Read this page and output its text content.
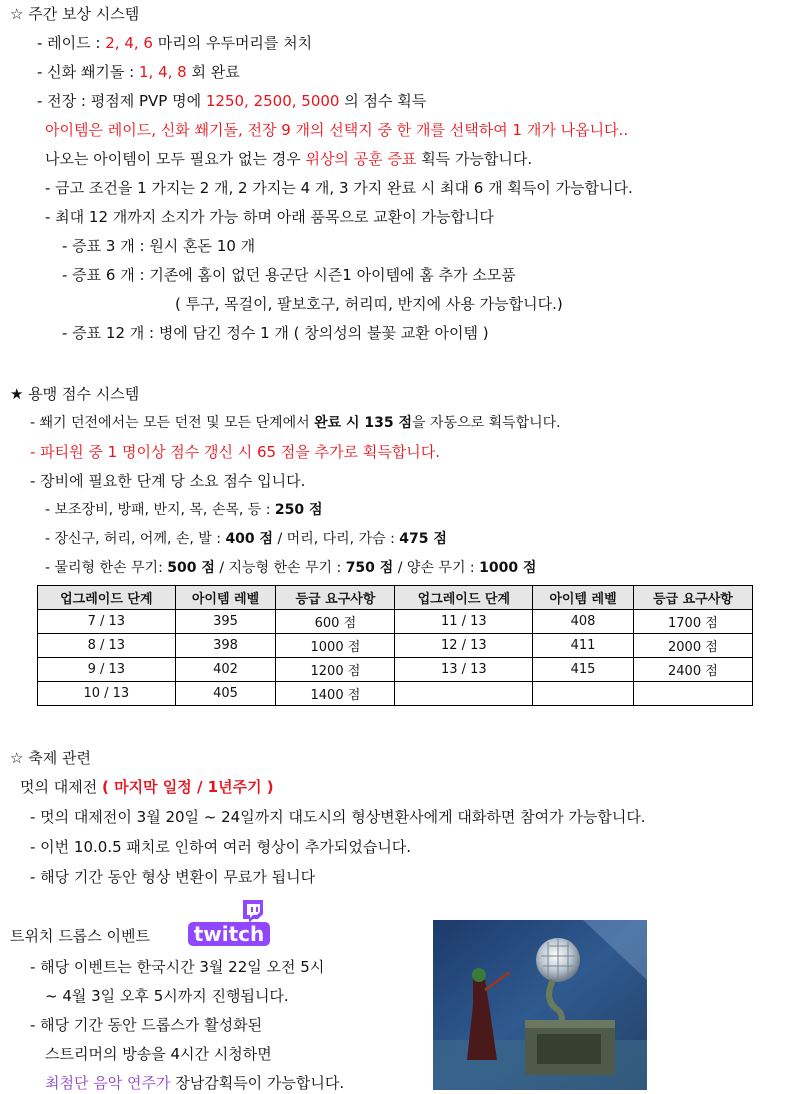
☆ 주간 보상 시스템
- 레이드 : 2, 4, 6 마리의 우두머리를 처치
- 신화 쐐기돌 : 1, 4, 8 회 완료
- 전장 : 평점제 PVP 명에 1250, 2500, 5000 의 점수 획득
아이템은 레이드, 신화 쐐기돌, 전장 9 개의 선택지 중 한 개를 선택하여 1 개가 나옵니다..
나오는 아이템이 모두 필요가 없는 경우 위상의 공훈 증표 획득 가능합니다.
- 금고 조건을 1 가지는 2 개, 2 가지는 4 개, 3 가지 완료 시 최대 6 개 획득이 가능합니다.
- 최대 12 개까지 소지가 가능 하며 아래 품목으로 교환이 가능합니다
- 증표 3 개 : 원시 혼돈 10 개
- 증표 6 개 : 기존에 홈이 없던 용군단 시즌1 아이템에 홈 추가 소모품
( 투구, 목걸이, 팔보호구, 허리띠, 반지에 사용 가능합니다.)
- 증표 12 개 : 병에 담긴 정수 1 개 ( 창의성의 불꽃 교환 아이템 )
★ 용맹 점수 시스템
- 쐐기 던전에서는 모든 던전 및 모든 단계에서 완료 시 135 점을 자동으로 획득합니다.
- 파티원 중 1 명이상 점수 갱신 시 65 점을 추가로 획득합니다.
- 장비에 필요한 단계 당 소요 점수 입니다.
- 보조장비, 방패, 반지, 목, 손목, 등 : 250 점
- 장신구, 허리, 어께, 손, 발 : 400 점 / 머리, 다리, 가슴 : 475 점
- 물리형 한손 무기: 500 점 / 지능형 한손 무기 : 750 점 / 양손 무기 : 1000 점
업그레이드 단계	아이템 레벨	등급 요구사항	업그레이드 단계	아이템 레벨	등급 요구사항
7 / 13	395	600 점	11 / 13	408	1700 점
8 / 13	398	1000 점	12 / 13	411	2000 점
9 / 13	402	1200 점	13 / 13	415	2400 점
10 / 13	405	1400 점			
☆ 축제 관련
멋의 대제전 ( 마지막 일정 / 1년주기 )
- 멋의 대제전이 3월 20일 ~ 24일까지 대도시의 형상변환사에게 대화하면 참여가 가능합니다.
- 이번 10.0.5 패치로 인하여 여러 형상이 추가되었습니다.
- 해당 기간 동안 형상 변환이 무료가 됩니다
트위치 드롭스 이벤트 twitch
- 해당 이벤트는 한국시간 3월 22일 오전 5시
~ 4월 3일 오후 5시까지 진행됩니다.
- 해당 기간 동안 드롭스가 활성화된
스트리머의 방송을 4시간 시청하면
최첨단 음악 연주가 장남감획득이 가능합니다.
